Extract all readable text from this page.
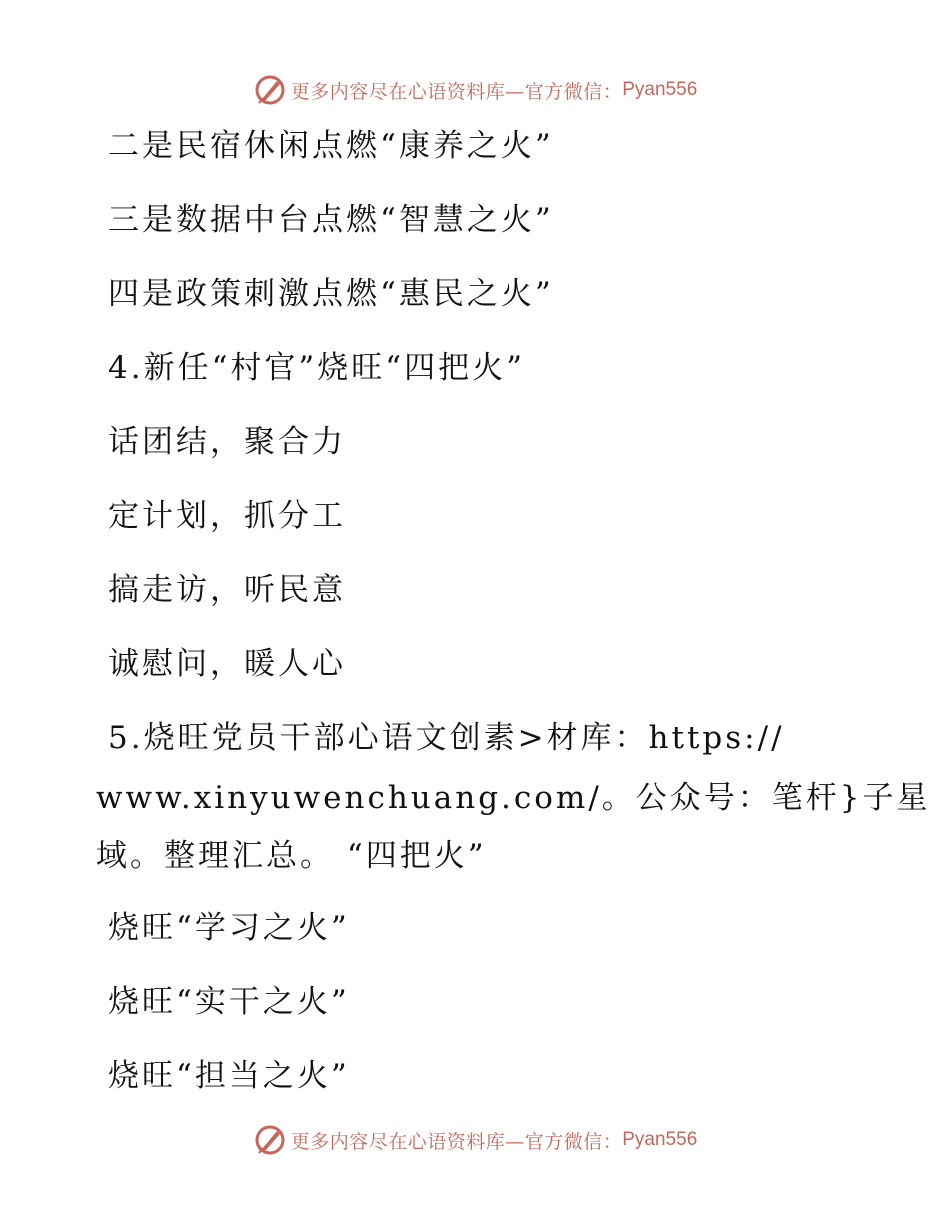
更多内容尽在心语资料库—官方微信： Pyan556
二是民宿休闲点燃“康养之火”
三是数据中台点燃“智慧之火”
四是政策刺激点燃“惠民之火”
4.新任“村官”烧旺“四把火”
话团结，聚合力
定计划，抓分工
搞走访，听民意
诚慰问，暖人心
5.烧旺党员干部心语文创素>材库：https://
www.xinyuwenchuang.com/。公众号：笔杆}子星
域。整理汇总。 “四把火”
烧旺“学习之火”
烧旺“实干之火”
烧旺“担当之火”
更多内容尽在心语资料库—官方微信： Pyan556
